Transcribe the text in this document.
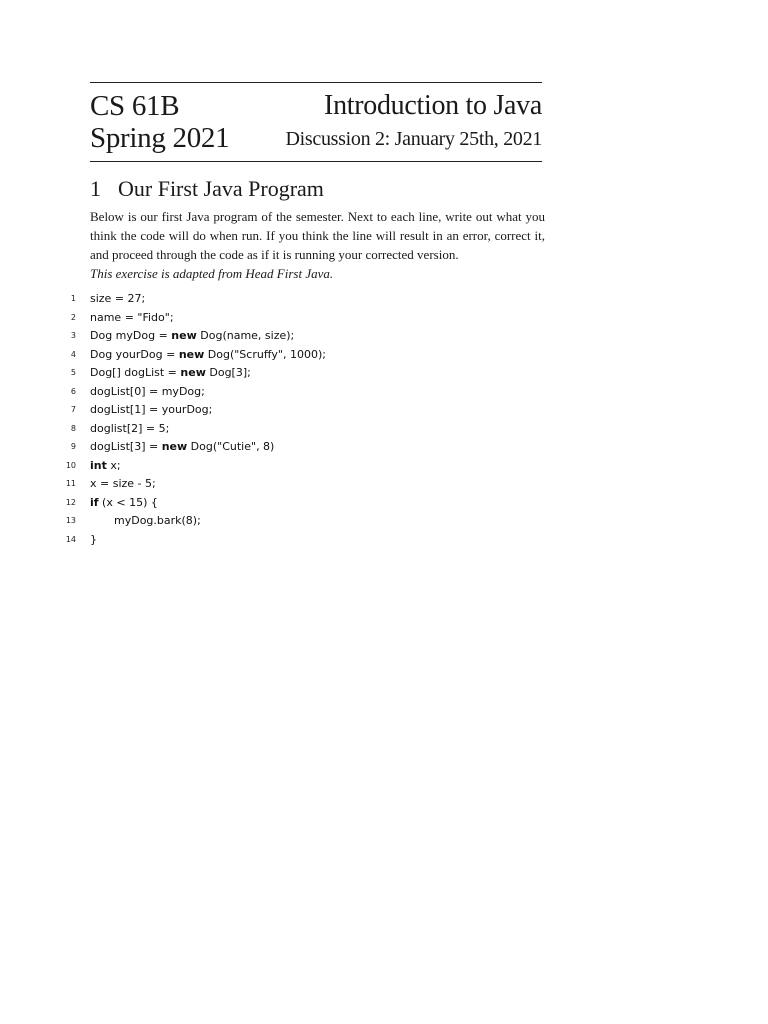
CS 61B
Spring 2021
Introduction to Java
Discussion 2: January 25th, 2021
1 Our First Java Program

Below is our first Java program of the semester. Next to each line, write out what you think the code will do when run. If you think the line will result in an error, correct it, and proceed through the code as if it is running your corrected version.

This exercise is adapted from Head First Java.

1 size = 27;
2 name = "Fido";
3 Dog myDog = new Dog(name, size);
4 Dog yourDog = new Dog("Scruffy", 1000);
5 Dog[] dogList = new Dog[3];
6 dogList[0] = myDog;
7 dogList[1] = yourDog;
8 doglist[2] = 5;
9 dogList[3] = new Dog("Cutie", 8)
10 int x;
11 x = size - 5;
12 if (x < 15) {
13	myDog.bark(8);
14 }
